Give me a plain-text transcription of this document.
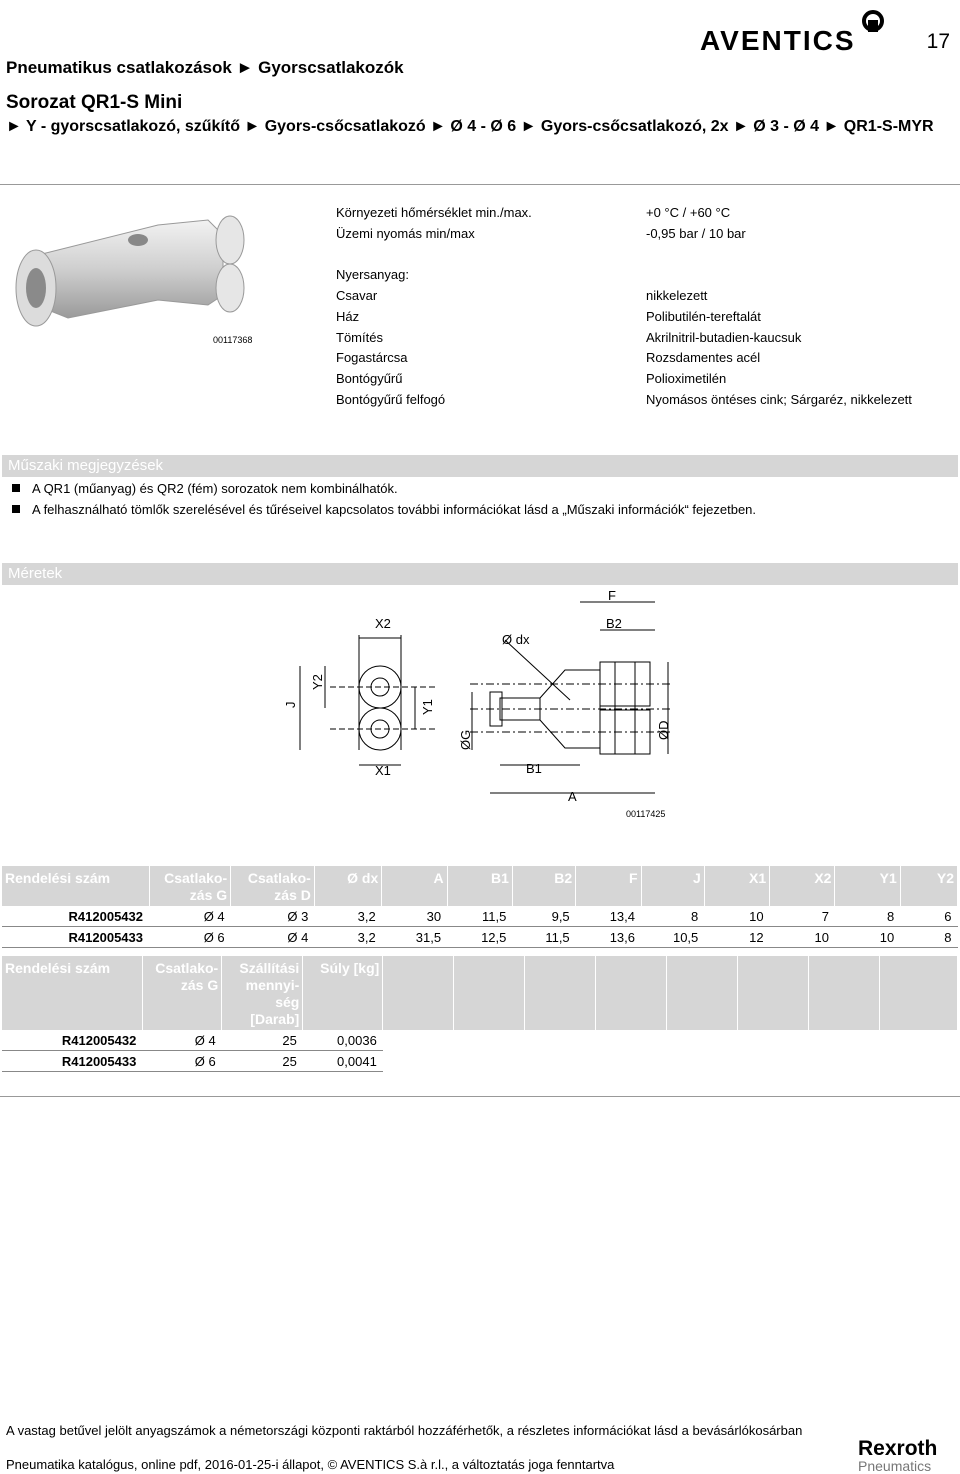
AVENTICS	17
Pneumatikus csatlakozások ► Gyorscsatlakozók
Sorozat QR1-S Mini
► Y - gyorscsatlakozó, szűkítő ► Gyors-csőcsatlakozó ► Ø 4 - Ø 6 ► Gyors-csőcsatlakozó, 2x ► Ø 3 - Ø 4 ► QR1-S-MYR
00117368
Környezeti hőmérséklet min./max.	+0 °C / +60 °C
Üzemi nyomás min/max	-0,95 bar / 10 bar
Nyersanyag:
Csavar	nikkelezett
Ház	Polibutilén-tereftalát
Tömítés	Akrilnitril-butadien-kaucsuk
Fogastárcsa	Rozsdamentes acél
Bontógyűrű	Polioximetilén
Bontógyűrű felfogó	Nyomásos öntéses cink; Sárgaréz, nikkelezett
Műszaki megjegyzések
A QR1 (műanyag) és QR2 (fém) sorozatok nem kombinálhatók.
A felhasználható tömlők szerelésével és tűréseivel kapcsolatos további információkat lásd a „Műszaki információk“ fejezetben.
Méretek
X2
X1
J
Y2
Y1
ØG
Ø dx
F
B2
B1
A
ØD
00117425
Rendelési szám	Csatlako-zás G	Csatlako-zás D	Ø dx	A	B1	B2	F	J	X1	X2	Y1	Y2
R412005432	Ø 4	Ø 3	3,2	30	11,5	9,5	13,4	8	10	7	8	6
R412005433	Ø 6	Ø 4	3,2	31,5	12,5	11,5	13,6	10,5	12	10	10	8
Rendelési szám	Csatlako-zás G	Szállítási mennyi-ség [Darab]	Súly [kg]								
R412005432	Ø 4	25	0,0036								
R412005433	Ø 6	25	0,0041								
A vastag betűvel jelölt anyagszámok a németországi központi raktárból hozzáférhetők, a részletes információkat lásd a bevásárlókosárban
Pneumatika katalógus, online pdf, 2016-01-25-i állapot, © AVENTICS S.à r.l., a változtatás joga fenntartva
Rexroth
Pneumatics
